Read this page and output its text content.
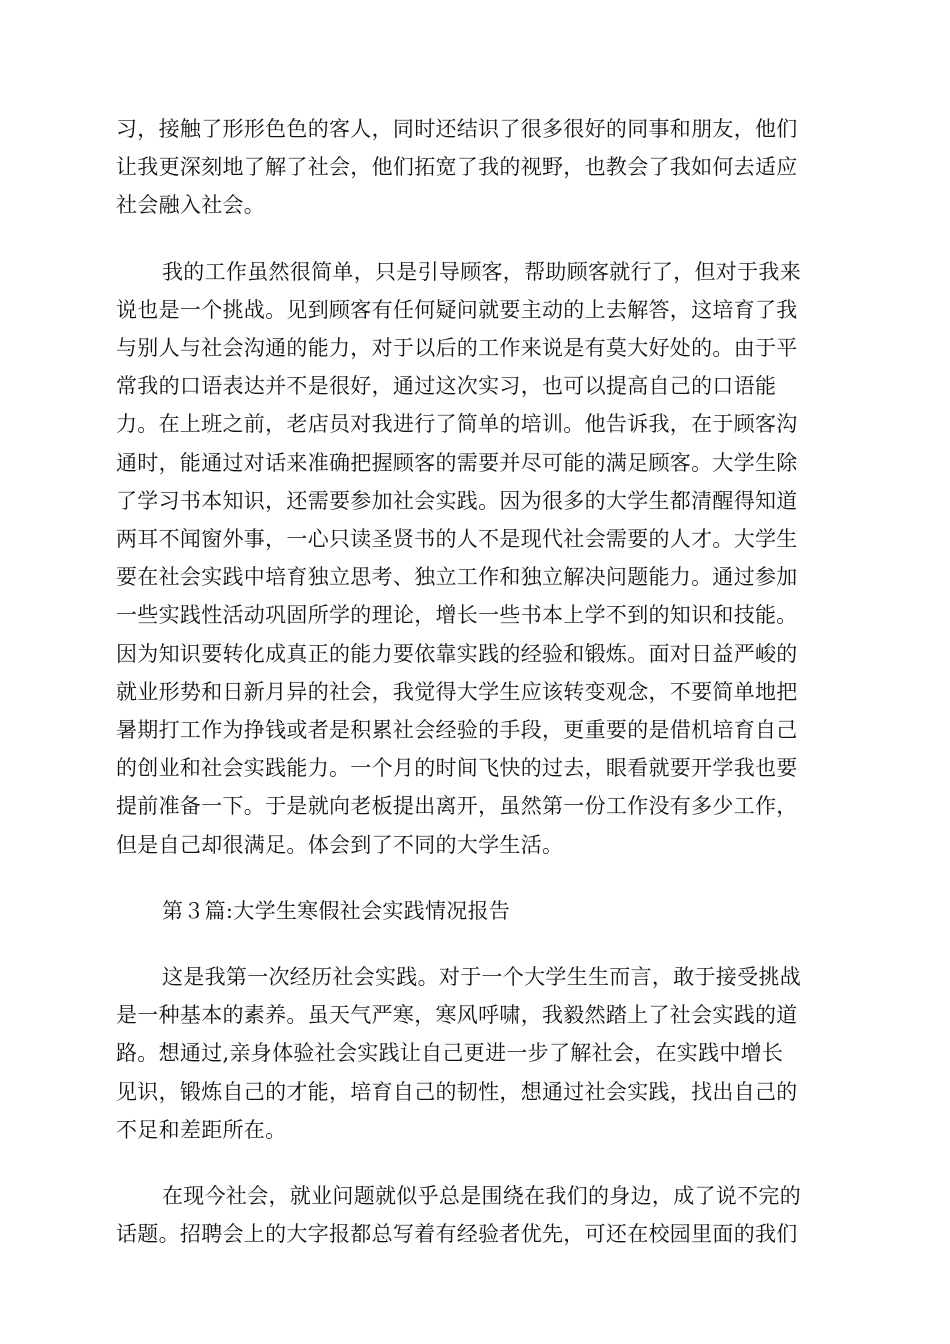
习，接触了形形色色的客人，同时还结识了很多很好的同事和朋友，他们
让我更深刻地了解了社会，他们拓宽了我的视野，也教会了我如何去适应
社会融入社会。

我的工作虽然很简单，只是引导顾客，帮助顾客就行了，但对于我来
说也是一个挑战。见到顾客有任何疑问就要主动的上去解答，这培育了我
与别人与社会沟通的能力，对于以后的工作来说是有莫大好处的。由于平
常我的口语表达并不是很好，通过这次实习，也可以提高自己的口语能
力。在上班之前，老店员对我进行了简单的培训。他告诉我，在于顾客沟
通时，能通过对话来准确把握顾客的需要并尽可能的满足顾客。大学生除
了学习书本知识，还需要参加社会实践。因为很多的大学生都清醒得知道
两耳不闻窗外事，一心只读圣贤书的人不是现代社会需要的人才。大学生
要在社会实践中培育独立思考、独立工作和独立解决问题能力。通过参加
一些实践性活动巩固所学的理论，增长一些书本上学不到的知识和技能。
因为知识要转化成真正的能力要依靠实践的经验和锻炼。面对日益严峻的
就业形势和日新月异的社会，我觉得大学生应该转变观念，不要简单地把
暑期打工作为挣钱或者是积累社会经验的手段，更重要的是借机培育自己
的创业和社会实践能力。一个月的时间飞快的过去，眼看就要开学我也要
提前准备一下。于是就向老板提出离开，虽然第一份工作没有多少工作，
但是自己却很满足。体会到了不同的大学生活。

第３篇:大学生寒假社会实践情况报告

这是我第一次经历社会实践。对于一个大学生生而言，敢于接受挑战
是一种基本的素养。虽天气严寒，寒风呼啸，我毅然踏上了社会实践的道
路。想通过,亲身体验社会实践让自己更进一步了解社会，在实践中增长
见识，锻炼自己的才能，培育自己的韧性，想通过社会实践，找出自己的
不足和差距所在。

在现今社会，就业问题就似乎总是围绕在我们的身边，成了说不完的
话题。招聘会上的大字报都总写着有经验者优先，可还在校园里面的我们
